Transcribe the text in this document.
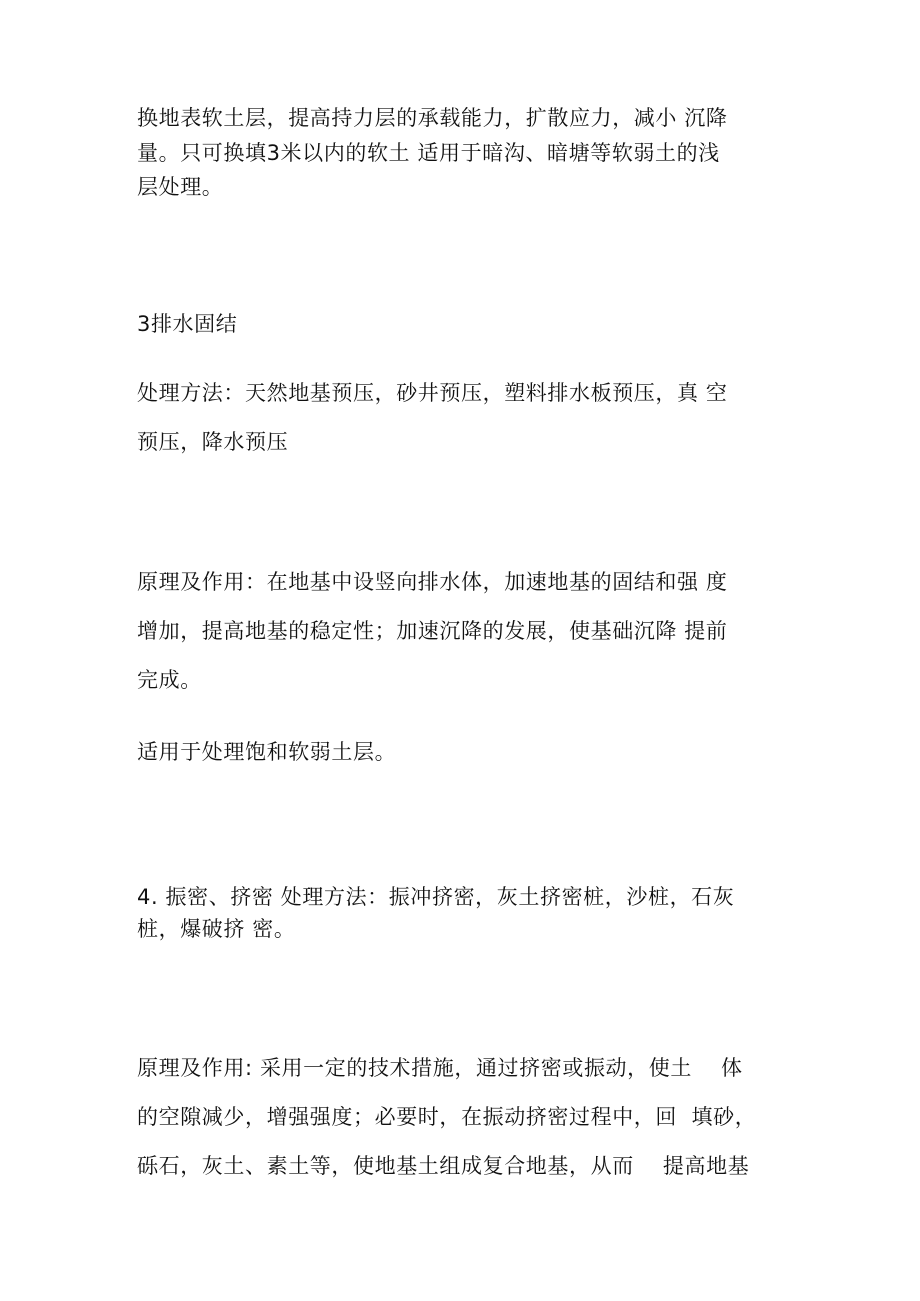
换地表软土层，提高持力层的承载能力，扩散应力，减小 沉降
量。只可换填3米以内的软土 适用于暗沟、暗塘等软弱土的浅
层处理。
3排水固结
处理方法：天然地基预压，砂井预压，塑料排水板预压，真 空
预压，降水预压
原理及作用：在地基中设竖向排水体，加速地基的固结和强 度
增加，提高地基的稳定性；加速沉降的发展，使基础沉降 提前
完成。
适用于处理饱和软弱土层。
4. 振密、挤密 处理方法：振冲挤密，灰土挤密桩，沙桩，石灰
桩，爆破挤 密。
原理及作用: 采用一定的技术措施，通过挤密或振动，使土    体
的空隙减少，增强强度；必要时，在振动挤密过程中，回  填砂，
砾石，灰土、素土等，使地基土组成复合地基，从而    提高地基
